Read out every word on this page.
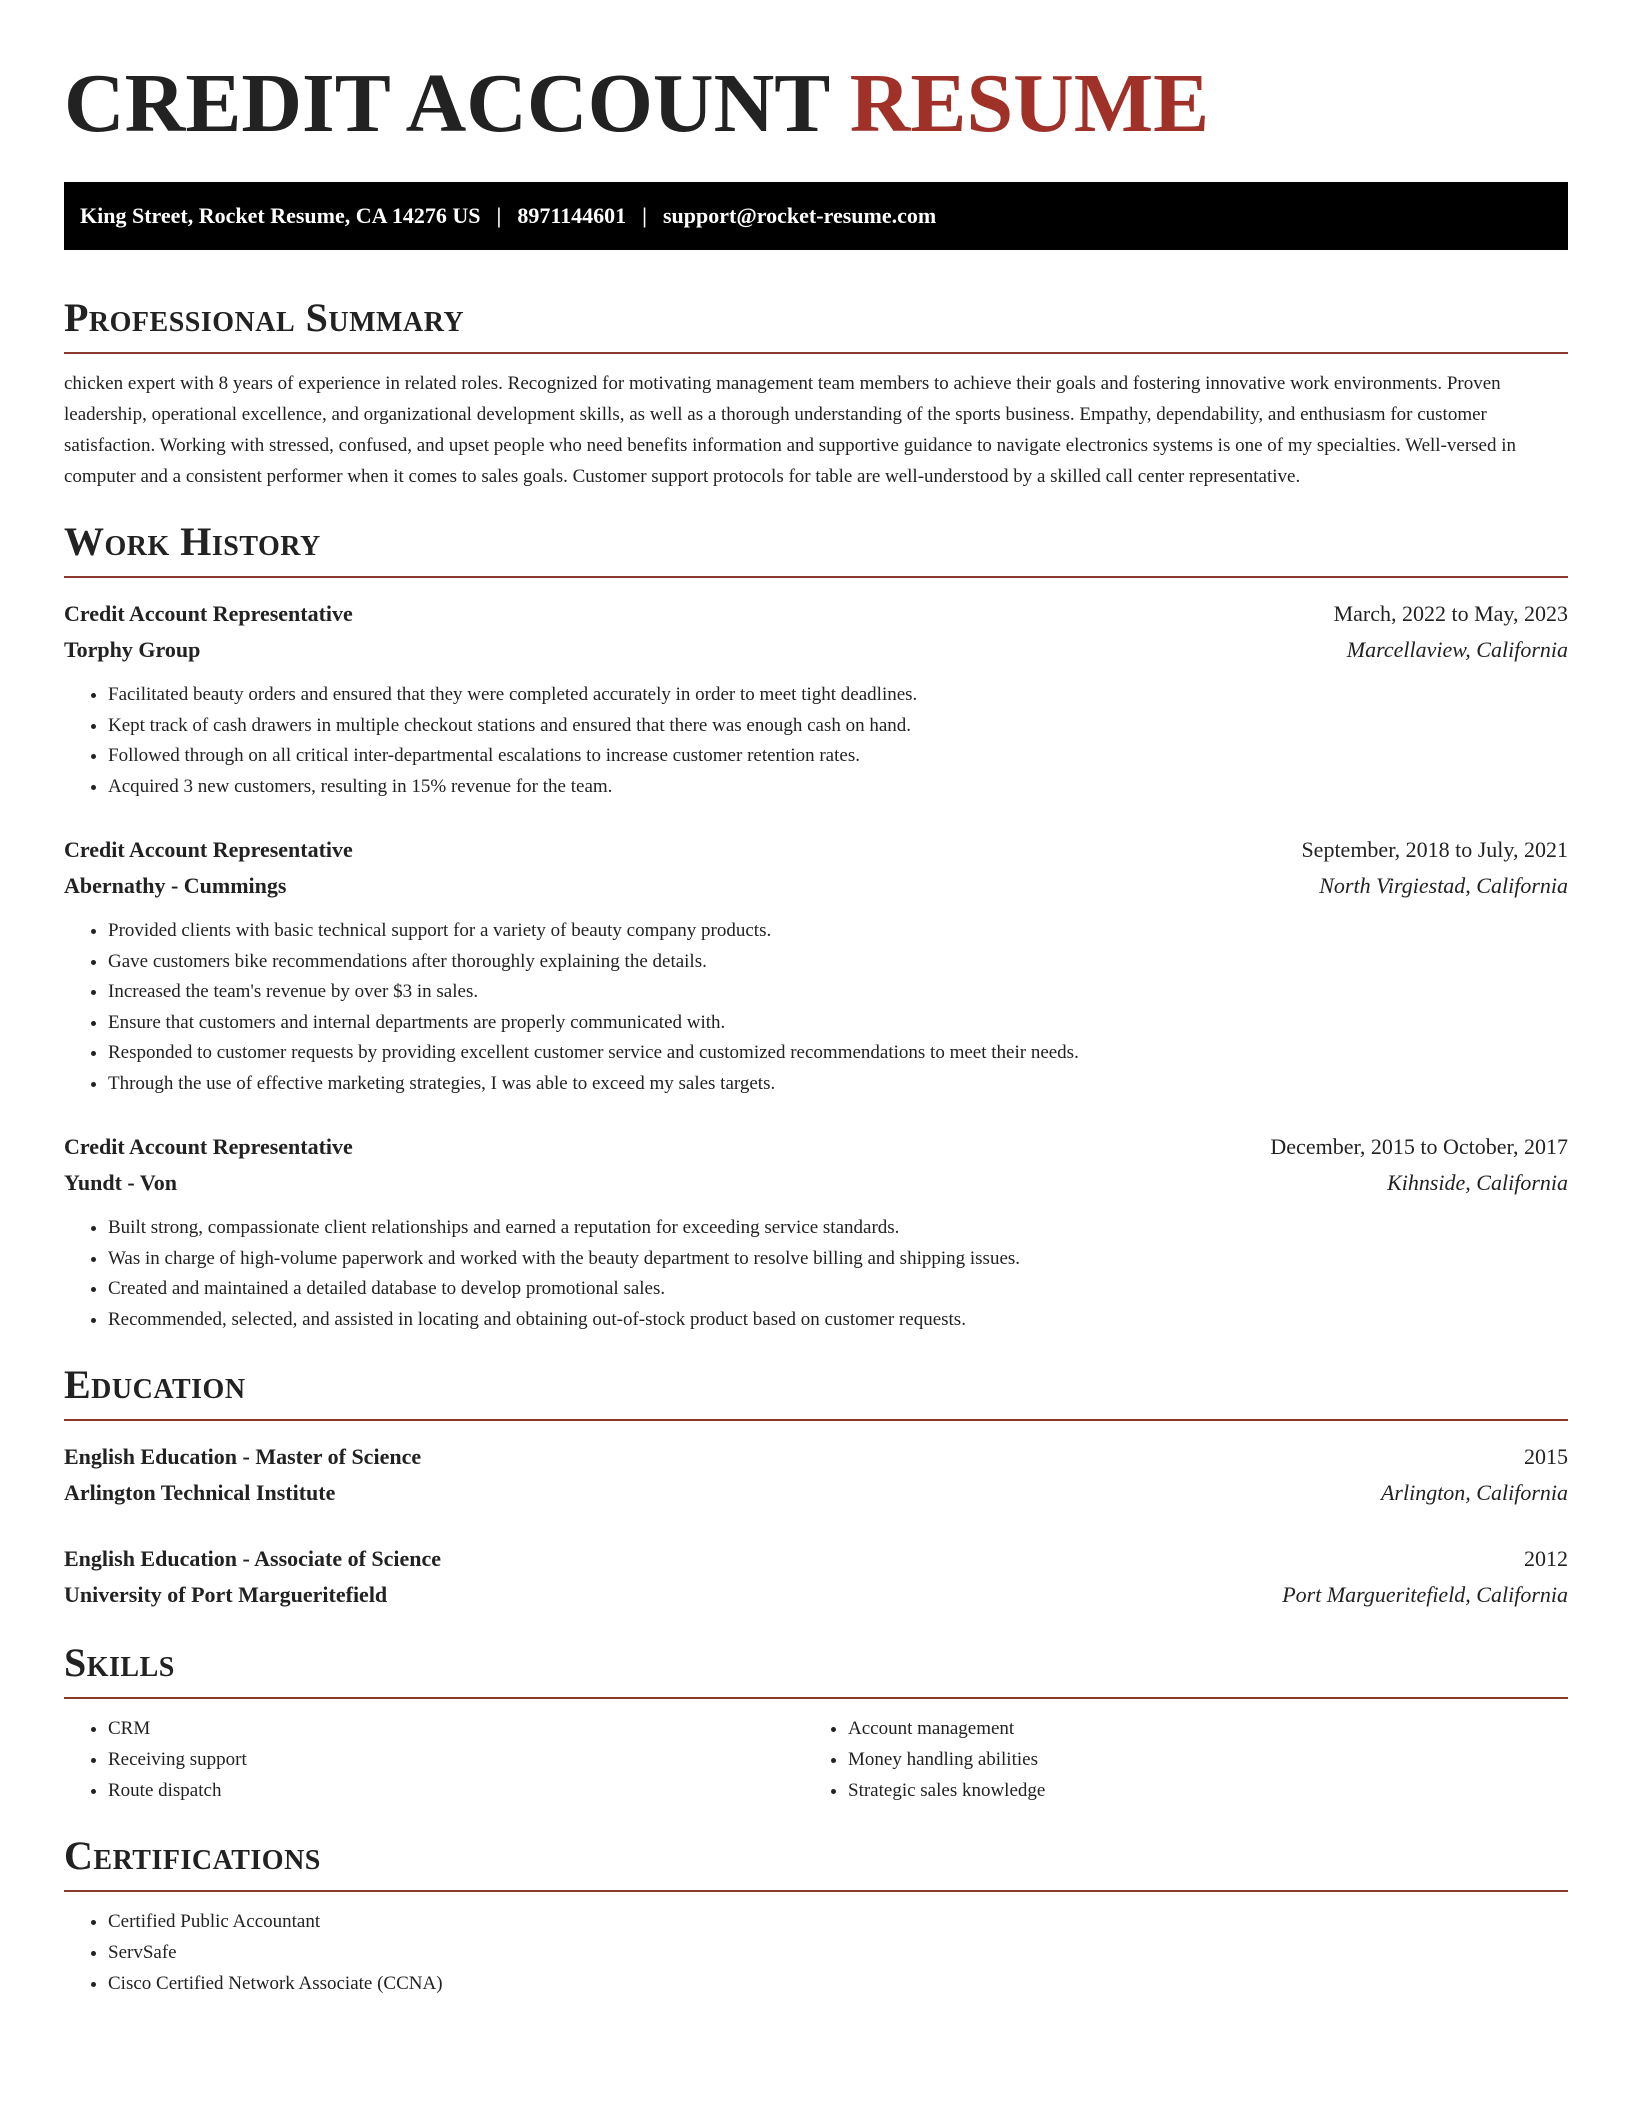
CREDIT ACCOUNT RESUME
King Street, Rocket Resume, CA 14276 US | 8971144601 | support@rocket-resume.com
Professional Summary

chicken expert with 8 years of experience in related roles. Recognized for motivating management team members to achieve their goals and fostering innovative work environments. Proven leadership, operational excellence, and organizational development skills, as well as a thorough understanding of the sports business. Empathy, dependability, and enthusiasm for customer satisfaction. Working with stressed, confused, and upset people who need benefits information and supportive guidance to navigate electronics systems is one of my specialties. Well-versed in computer and a consistent performer when it comes to sales goals. Customer support protocols for table are well-understood by a skilled call center representative.

Work History
Credit Account Representative	March, 2022 to May, 2023
Torphy Group	Marcellaview, California
• Facilitated beauty orders and ensured that they were completed accurately in order to meet tight deadlines.
• Kept track of cash drawers in multiple checkout stations and ensured that there was enough cash on hand.
• Followed through on all critical inter-departmental escalations to increase customer retention rates.
• Acquired 3 new customers, resulting in 15% revenue for the team.
Credit Account Representative	September, 2018 to July, 2021
Abernathy - Cummings	North Virgiestad, California
• Provided clients with basic technical support for a variety of beauty company products.
• Gave customers bike recommendations after thoroughly explaining the details.
• Increased the team's revenue by over $3 in sales.
• Ensure that customers and internal departments are properly communicated with.
• Responded to customer requests by providing excellent customer service and customized recommendations to meet their needs.
• Through the use of effective marketing strategies, I was able to exceed my sales targets.
Credit Account Representative	December, 2015 to October, 2017
Yundt - Von	Kihnside, California
• Built strong, compassionate client relationships and earned a reputation for exceeding service standards.
• Was in charge of high-volume paperwork and worked with the beauty department to resolve billing and shipping issues.
• Created and maintained a detailed database to develop promotional sales.
• Recommended, selected, and assisted in locating and obtaining out-of-stock product based on customer requests.
Education
English Education - Master of Science	2015
Arlington Technical Institute	Arlington, California
English Education - Associate of Science	2012
University of Port Margueritefield	Port Margueritefield, California
Skills
• CRM
• Receiving support
• Route dispatch
• Account management
• Money handling abilities
• Strategic sales knowledge
Certifications
• Certified Public Accountant
• ServSafe
• Cisco Certified Network Associate (CCNA)
